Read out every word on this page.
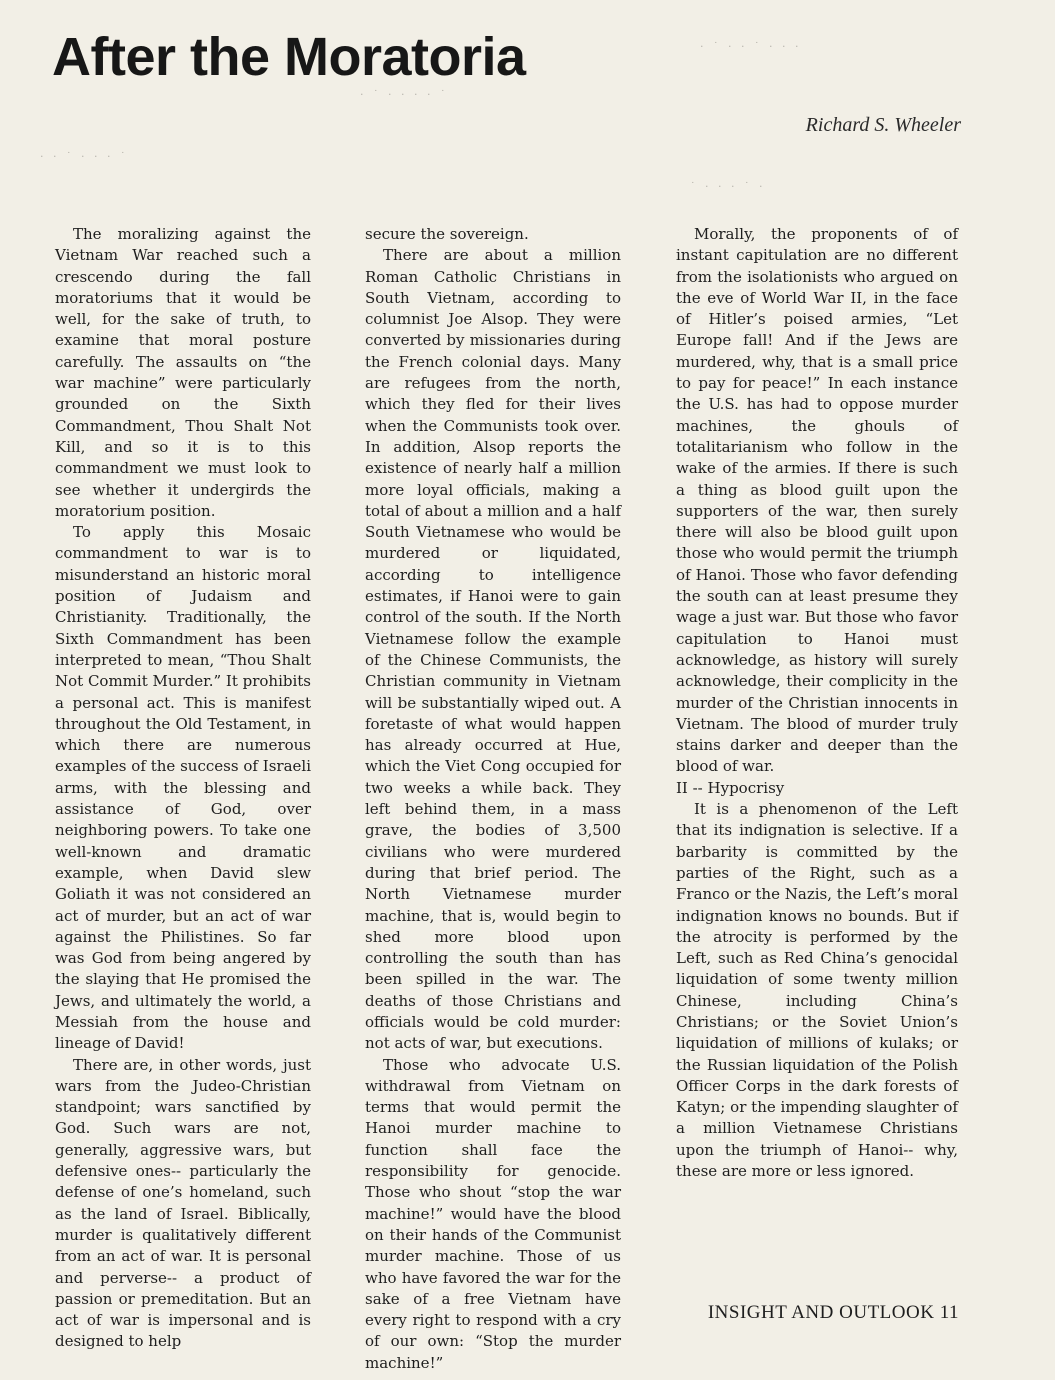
· ˙ · · ˙ · · ·
· ˙ · · · · ˙
· · ˙ · · · ˙
˙ · · · ˙ ·
After the Moratoria
Richard S. Wheeler

The moralizing against the Vietnam War reached such a crescendo during the fall moratoriums that it would be well, for the sake of truth, to examine that moral posture carefully. The assaults on “the war machine” were particularly grounded on the Sixth Commandment, Thou Shalt Not Kill, and so it is to this commandment we must look to see whether it undergirds the moratorium position.

To apply this Mosaic commandment to war is to misunderstand an historic moral position of Judaism and Christianity. Traditionally, the Sixth Commandment has been interpreted to mean, “Thou Shalt Not Commit Murder.” It prohibits a personal act. This is manifest throughout the Old Testament, in which there are numerous examples of the success of Israeli arms, with the blessing and assistance of God, over neighboring powers. To take one well-known and dramatic example, when David slew Goliath it was not considered an act of murder, but an act of war against the Philistines. So far was God from being angered by the slaying that He promised the Jews, and ultimately the world, a Messiah from the house and lineage of David!

There are, in other words, just wars from the Judeo-Christian standpoint; wars sanctified by God. Such wars are not, generally, aggressive wars, but defensive ones-- particularly the defense of one’s homeland, such as the land of Israel. Biblically, murder is qualitatively different from an act of war. It is personal and perverse-- a product of passion or premeditation. But an act of war is impersonal and is designed to help

secure the sovereign.

There are about a million Roman Catholic Christians in South Vietnam, according to columnist Joe Alsop. They were converted by missionaries during the French colonial days. Many are refugees from the north, which they fled for their lives when the Communists took over. In addition, Alsop reports the existence of nearly half a million more loyal officials, making a total of about a million and a half South Vietnamese who would be murdered or liquidated, according to intelligence estimates, if Hanoi were to gain control of the south. If the North Vietnamese follow the example of the Chinese Communists, the Christian community in Vietnam will be substantially wiped out. A foretaste of what would happen has already occurred at Hue, which the Viet Cong occupied for two weeks a while back. They left behind them, in a mass grave, the bodies of 3,500 civilians who were murdered during that brief period. The North Vietnamese murder machine, that is, would begin to shed more blood upon controlling the south than has been spilled in the war. The deaths of those Christians and officials would be cold murder: not acts of war, but executions.

Those who advocate U.S. withdrawal from Vietnam on terms that would permit the Hanoi murder machine to function shall face the responsibility for genocide. Those who shout “stop the war machine!” would have the blood on their hands of the Communist murder machine. Those of us who have favored the war for the sake of a free Vietnam have every right to respond with a cry of our own: “Stop the murder machine!”

Morally, the proponents of of instant capitulation are no different from the isolationists who argued on the eve of World War II, in the face of Hitler’s poised armies, “Let Europe fall! And if the Jews are murdered, why, that is a small price to pay for peace!” In each instance the U.S. has had to oppose murder machines, the ghouls of totalitarianism who follow in the wake of the armies. If there is such a thing as blood guilt upon the supporters of the war, then surely there will also be blood guilt upon those who would permit the triumph of Hanoi. Those who favor defending the south can at least presume they wage a just war. But those who favor capitulation to Hanoi must acknowledge, as history will surely acknowledge, their complicity in the murder of the Christian innocents in Vietnam. The blood of murder truly stains darker and deeper than the blood of war.

II -- Hypocrisy

It is a phenomenon of the Left that its indignation is selective. If a barbarity is committed by the parties of the Right, such as a Franco or the Nazis, the Left’s moral indignation knows no bounds. But if the atrocity is performed by the Left, such as Red China’s genocidal liquidation of some twenty million Chinese, including China’s Christians; or the Soviet Union’s liquidation of millions of kulaks; or the Russian liquidation of the Polish Officer Corps in the dark forests of Katyn; or the impending slaughter of a million Vietnamese Christians upon the triumph of Hanoi-- why, these are more or less ignored.

INSIGHT AND OUTLOOK 11
